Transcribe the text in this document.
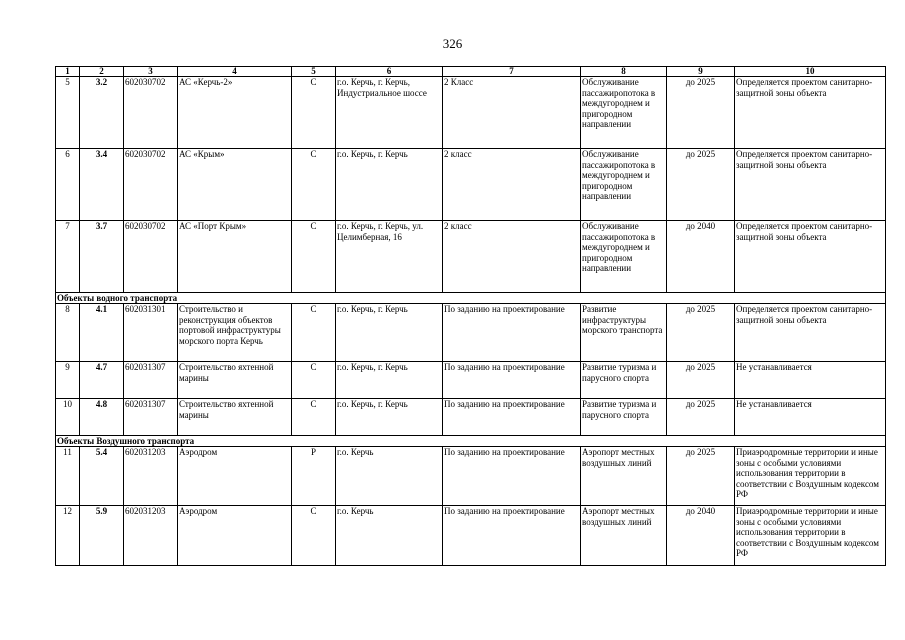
326
1	2	3	4	5	6	7	8	9	10
5	3.2	602030702	АС «Керчь-2»	С	г.о. Керчь, г. Керчь, Индустриальное шоссе	2 Класс	Обслуживание пассажиропотока в междугороднем и пригородном направлении	до 2025	Определяется проектом санитарно-защитной зоны объекта
6	3.4	602030702	АС «Крым»	С	г.о. Керчь, г. Керчь	2 класс	Обслуживание пассажиропотока в междугороднем и пригородном направлении	до 2025	Определяется проектом санитарно-защитной зоны объекта
7	3.7	602030702	АС «Порт Крым»	С	г.о. Керчь, г. Керчь, ул. Целимберная, 16	2 класс	Обслуживание пассажиропотока в междугороднем и пригородном направлении	до 2040	Определяется проектом санитарно-защитной зоны объекта
Объекты водного транспорта									
8	4.1	602031301	Строительство и реконструкция объектов портовой инфраструктуры морского порта Керчь	С	г.о. Керчь, г. Керчь	По заданию на проектирование	Развитие инфраструктуры морского транспорта	до 2025	Определяется проектом санитарно-защитной зоны объекта
9	4.7	602031307	Строительство яхтенной марины	С	г.о. Керчь, г. Керчь	По заданию на проектирование	Развитие туризма и парусного спорта	до 2025	Не устанавливается
10	4.8	602031307	Строительство яхтенной марины	С	г.о. Керчь, г. Керчь	По заданию на проектирование	Развитие туризма и парусного спорта	до 2025	Не устанавливается
Объекты Воздушного транспорта									
11	5.4	602031203	Аэродром	Р	г.о. Керчь	По заданию на проектирование	Аэропорт местных воздушных линий	до 2025	Приаэродромные территории и иные зоны с особыми условиями использования территории в соответствии с Воздушным кодексом РФ
12	5.9	602031203	Аэродром	С	г.о. Керчь	По заданию на проектирование	Аэропорт местных воздушных линий	до 2040	Приаэродромные территории и иные зоны с особыми условиями использования территории в соответствии с Воздушным кодексом РФ
